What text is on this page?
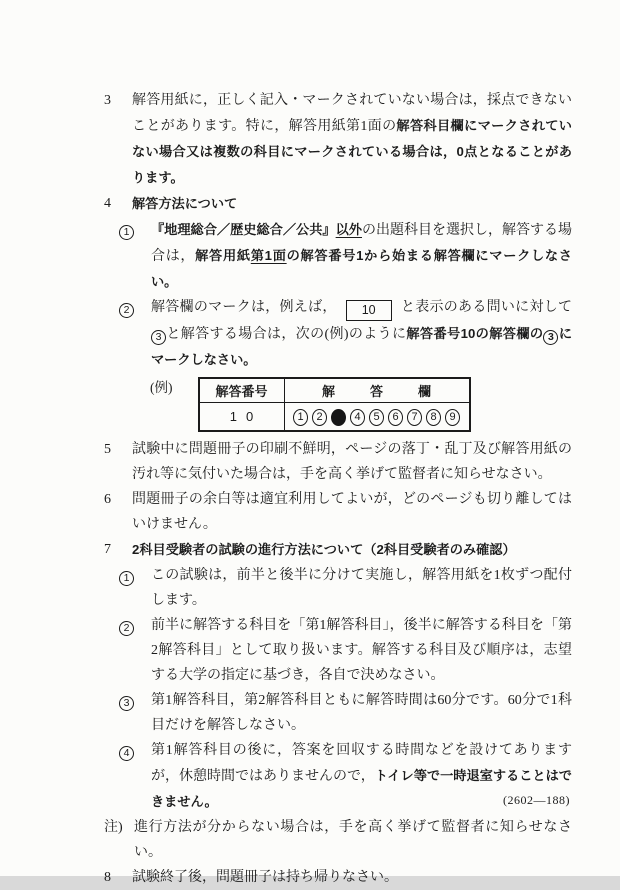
3	解答用紙に，正しく記入・マークされていない場合は，採点できないことがあります。特に，解答用紙第1面の解答科目欄にマークされていない場合又は複数の科目にマークされている場合は，0点となることがあります。
4	解答方法について
1	『地理総合／歴史総合／公共』以外の出題科目を選択し，解答する場合は，解答用紙第1面の解答番号1から始まる解答欄にマークしなさい。
2	解答欄のマークは，例えば， 10 と表示のある問いに対して3 と解答する場合は，次の(例)のように解答番号10の解答欄の 3 にマークしなさい。
(例)	解答番号	解　答　欄
10	1	2	3	4	5	6	7	8	9
5	試験中に問題冊子の印刷不鮮明，ページの落丁・乱丁及び解答用紙の汚れ等に気付いた場合は，手を高く挙げて監督者に知らせなさい。
6	問題冊子の余白等は適宜利用してよいが，どのページも切り離してはいけません。
7	2科目受験者の試験の進行方法について（2科目受験者のみ確認）
1	この試験は，前半と後半に分けて実施し，解答用紙を1枚ずつ配付します。
2	前半に解答する科目を「第1解答科目」，後半に解答する科目を「第2解答科目」として取り扱います。解答する科目及び順序は，志望する大学の指定に基づき，各自で決めなさい。
3	第1解答科目，第2解答科目ともに解答時間は60分です。60分で1科目だけを解答しなさい。
4	第1解答科目の後に，答案を回収する時間などを設けてありますが，休憩時間ではありませんので，トイレ等で一時退室することはできません。
注) 進行方法が分からない場合は，手を高く挙げて監督者に知らせなさい。
8	試験終了後，問題冊子は持ち帰りなさい。
(2602—188)
